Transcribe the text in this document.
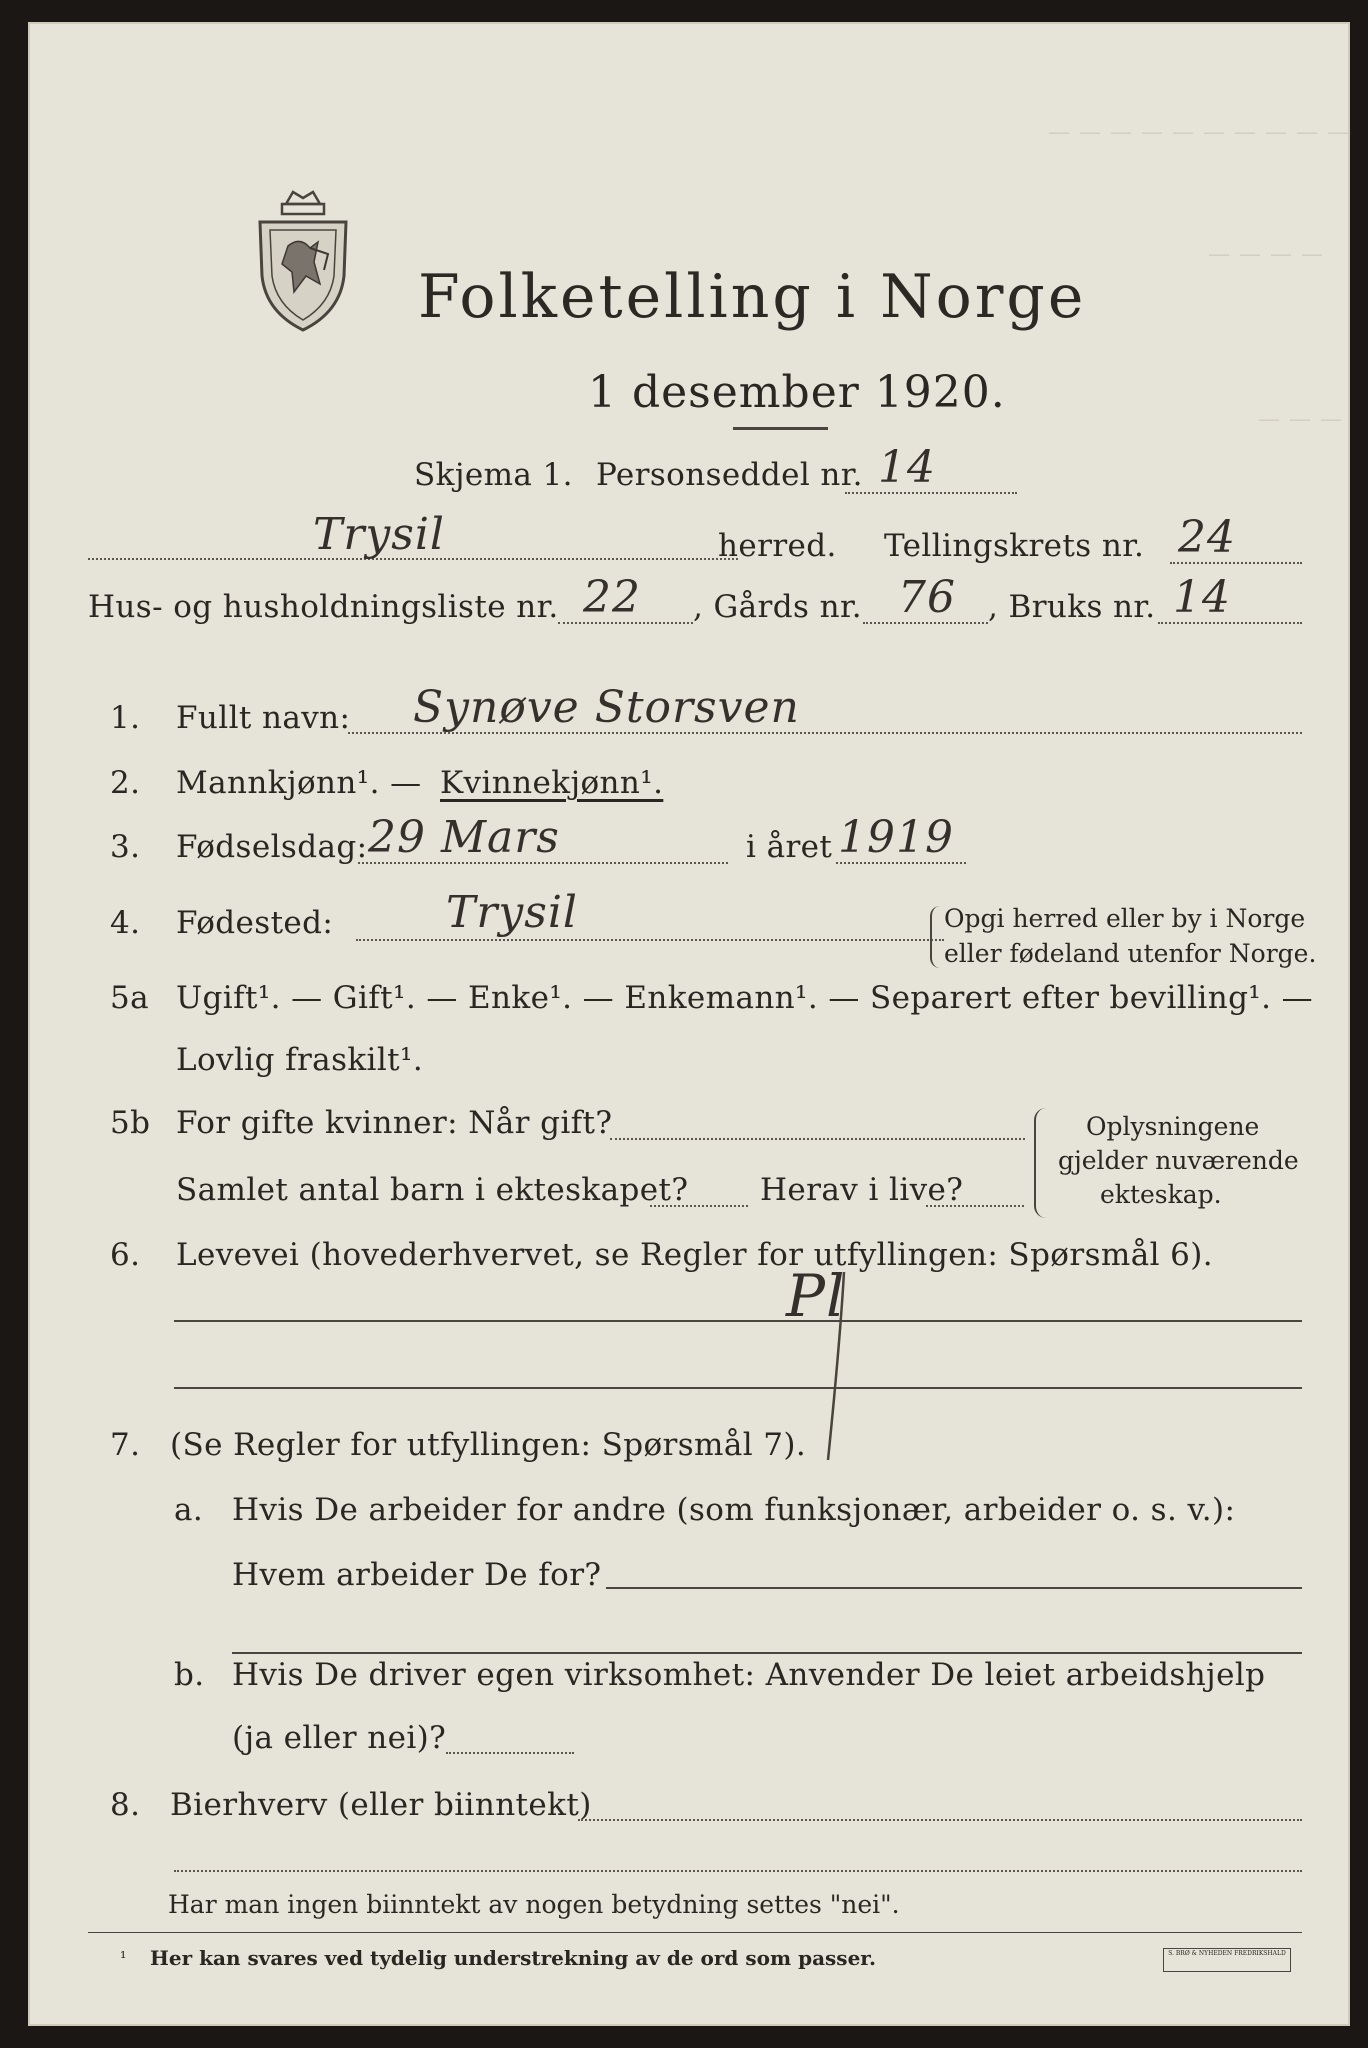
— — — — — — — — — —
— — — —
— — —
Folketelling i Norge
1 desember 1920.
Skjema 1. Personseddel nr. 14
Trysil	herred. Tellingskrets nr. 24
Hus- og husholdningsliste nr. 22 , Gårds nr. 76 , Bruks nr. 14
1. Fullt navn: Synøve Storsven
2. Mannkjønn¹. — Kvinnekjønn¹.
3. Fødselsdag: 29 Mars	i året 1919
4. Fødested:	Trysil	Opgi herred eller by i Norge
eller fødeland utenfor Norge.
5a Ugift¹. — Gift¹. — Enke¹. — Enkemann¹. — Separert efter bevilling¹. —
Lovlig fraskilt¹.
5b For gifte kvinner: Når gift?
Samlet antal barn i ekteskapet? Herav i live?
Oplysningene
gjelder nuværende
ekteskap.
6. Levevei (hovederhvervet, se Regler for utfyllingen: Spørsmål 6).
Pl
7. (Se Regler for utfyllingen: Spørsmål 7).
a. Hvis De arbeider for andre (som funksjonær, arbeider o. s. v.):
Hvem arbeider De for?
b. Hvis De driver egen virksomhet: Anvender De leiet arbeidshjelp
(ja eller nei)?
8. Bierhverv (eller biinntekt)
Har man ingen biinntekt av nogen betydning settes "nei".
¹ Her kan svares ved tydelig understrekning av de ord som passer.	S. BRØ & NYHEDEN FREDRIKSHALD
